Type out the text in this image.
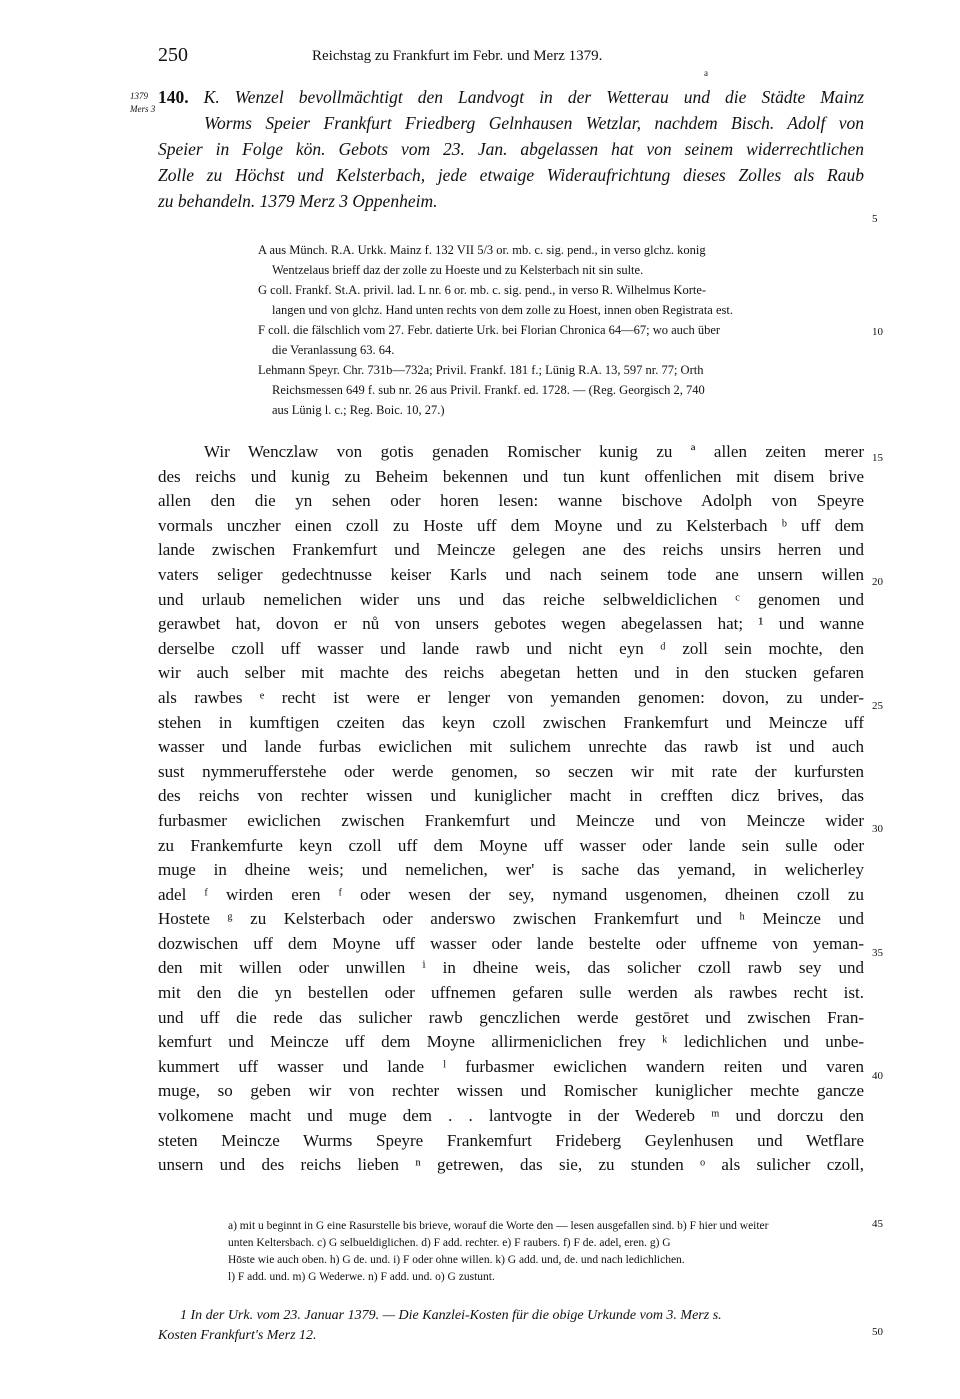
250	Reichstag zu Frankfurt im Febr. und Merz 1379.
a
1379
Mers 3
140. K. Wenzel bevollmächtigt den Landvogt in der Wetterau und die Städte Mainz
Worms Speier Frankfurt Friedberg Gelnhausen Wetzlar, nachdem Bisch. Adolf von
Speier in Folge kön. Gebots vom 23. Jan. abgelassen hat von seinem widerrechtlichen
Zolle zu Höchst und Kelsterbach, jede etwaige Wideraufrichtung dieses Zolles als Raub
zu behandeln. 1379 Merz 3 Oppenheim.
A aus Münch. R.A. Urkk. Mainz f. 132 VII 5/3 or. mb. c. sig. pend., in verso glchz. konig
Wentzelaus brieff daz der zolle zu Hoeste und zu Kelsterbach nit sin sulte.
G coll. Frankf. St.A. privil. lad. L nr. 6 or. mb. c. sig. pend., in verso R. Wilhelmus Korte-
langen und von glchz. Hand unten rechts von dem zolle zu Hoest, innen oben Registrata est.
F coll. die fälschlich vom 27. Febr. datierte Urk. bei Florian Chronica 64—67; wo auch über
die Veranlassung 63. 64.
Lehmann Speyr. Chr. 731b—732a; Privil. Frankf. 181 f.; Lünig R.A. 13, 597 nr. 77; Orth
Reichsmessen 649 f. sub nr. 26 aus Privil. Frankf. ed. 1728. — (Reg. Georgisch 2, 740
aus Lünig l. c.; Reg. Boic. 10, 27.)
Wir Wenczlaw von gotis genaden Romischer kunig zu ª allen zeiten merer
des reichs und kunig zu Beheim bekennen und tun kunt offenlichen mit disem brive
allen den die yn sehen oder horen lesen: wanne bischove Adolph von Speyre
vormals unczher einen czoll zu Hoste uff dem Moyne und zu Kelsterbach ᵇ uff dem
lande zwischen Frankemfurt und Meincze gelegen ane des reichs unsirs herren und
vaters seliger gedechtnusse keiser Karls und nach seinem tode ane unsern willen
und urlaub nemelichen wider uns und das reiche selbweldiclichen ᶜ genomen und
gerawbet hat, dovon er nů von unsers gebotes wegen abegelassen hat; ¹ und wanne
derselbe czoll uff wasser und lande rawb und nicht eyn ᵈ zoll sein mochte, den
wir auch selber mit machte des reichs abegetan hetten und in den stucken gefaren
als rawbes ᵉ recht ist were er lenger von yemanden genomen: dovon, zu under-
stehen in kumftigen czeiten das keyn czoll zwischen Frankemfurt und Meincze uff
wasser und lande furbas ewiclichen mit sulichem unrechte das rawb ist und auch
sust nymmerufferstehe oder werde genomen, so seczen wir mit rate der kurfursten
des reichs von rechter wissen und kuniglicher macht in crefften dicz brives, das
furbasmer ewiclichen zwischen Frankemfurt und Meincze und von Meincze wider
zu Frankemfurte keyn czoll uff dem Moyne uff wasser oder lande sein sulle oder
muge in dheine weis; und nemelichen, wer' is sache das yemand, in welicherley
adel ᶠ wirden eren ᶠ oder wesen der sey, nymand usgenomen, dheinen czoll zu
Hostete ᵍ zu Kelsterbach oder anderswo zwischen Frankemfurt und ʰ Meincze und
dozwischen uff dem Moyne uff wasser oder lande bestelte oder uffneme von yeman-
den mit willen oder unwillen ⁱ in dheine weis, das solicher czoll rawb sey und
mit den die yn bestellen oder uffnemen gefaren sulle werden als rawbes recht ist.
und uff die rede das sulicher rawb genczlichen werde gestōret und zwischen Fran-
kemfurt und Meincze uff dem Moyne allirmeniclichen frey ᵏ ledichlichen und unbe-
kummert uff wasser und lande ˡ furbasmer ewiclichen wandern reiten und varen
muge, so geben wir von rechter wissen und Romischer kuniglicher mechte gancze
volkomene macht und muge dem . . lantvogte in der Wedereb ᵐ und dorczu den
steten Meincze Wurms Speyre Frankemfurt Frideberg Geylenhusen und Wetflare
unsern und des reichs lieben ⁿ getrewen, das sie, zu stunden ᵒ als sulicher czoll,
5
10
15
20
25
30
35
40
45
50
a) mit u beginnt in G eine Rasurstelle bis brieve, worauf die Worte den — lesen ausgefallen sind. b) F hier und weiter
unten Keltersbach. c) G selbueldiglichen. d) F add. rechter. e) F raubers. f) F de. adel, eren. g) G
Hōste wie auch oben. h) G de. und. i) F oder ohne willen. k) G add. und, de. und nach ledichlichen.
l) F add. und. m) G Wederwe. n) F add. und. o) G zustunt.
1 In der Urk. vom 23. Januar 1379. — Die Kanzlei-Kosten für die obige Urkunde vom 3. Merz s.
Kosten Frankfurt's Merz 12.
